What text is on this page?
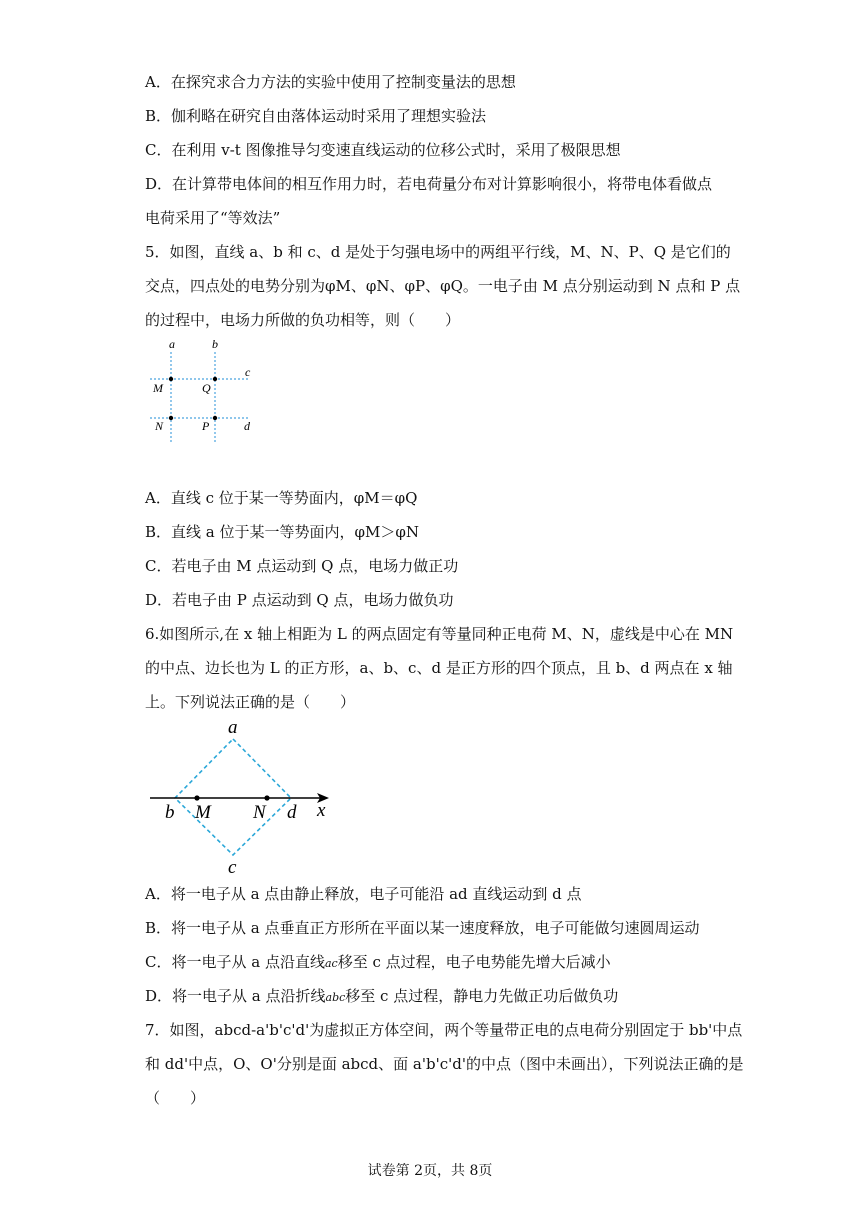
A．在探究求合力方法的实验中使用了控制变量法的思想
B．伽利略在研究自由落体运动时采用了理想实验法
C．在利用 v-t 图像推导匀变速直线运动的位移公式时，采用了极限思想
D．在计算带电体间的相互作用力时，若电荷量分布对计算影响很小，将带电体看做点
电荷采用了“等效法”
5．如图，直线 a、b 和 c、d 是处于匀强电场中的两组平行线，M、N、P、Q 是它们的
交点，四点处的电势分别为φM、φN、φP、φQ。一电子由 M 点分别运动到 N 点和 P 点
的过程中，电场力所做的负功相等，则（　　）
a	b
c
d
M	Q
N	P
A．直线 c 位于某一等势面内，φM＝φQ
B．直线 a 位于某一等势面内，φM＞φN
C．若电子由 M 点运动到 Q 点，电场力做正功
D．若电子由 P 点运动到 Q 点，电场力做负功
6.如图所示,在 x 轴上相距为 L 的两点固定有等量同种正电荷 M、N，虚线是中心在 MN
的中点、边长也为 L 的正方形，a、b、c、d 是正方形的四个顶点，且 b、d 两点在 x 轴
上。下列说法正确的是（　　）
a
b
c
d
M N	x
A．将一电子从 a 点由静止释放，电子可能沿 ad 直线运动到 d 点
B．将一电子从 a 点垂直正方形所在平面以某一速度释放，电子可能做匀速圆周运动
C．将一电子从 a 点沿直线ac移至 c 点过程，电子电势能先增大后减小
D．将一电子从 a 点沿折线abc移至 c 点过程，静电力先做正功后做负功
7．如图，abcd-a'b'c'd'为虚拟正方体空间，两个等量带正电的点电荷分别固定于 bb'中点
和 dd'中点，O、O'分别是面 abcd、面 a'b'c'd'的中点（图中未画出），下列说法正确的是
（　　）
试卷第 2页，共 8页
